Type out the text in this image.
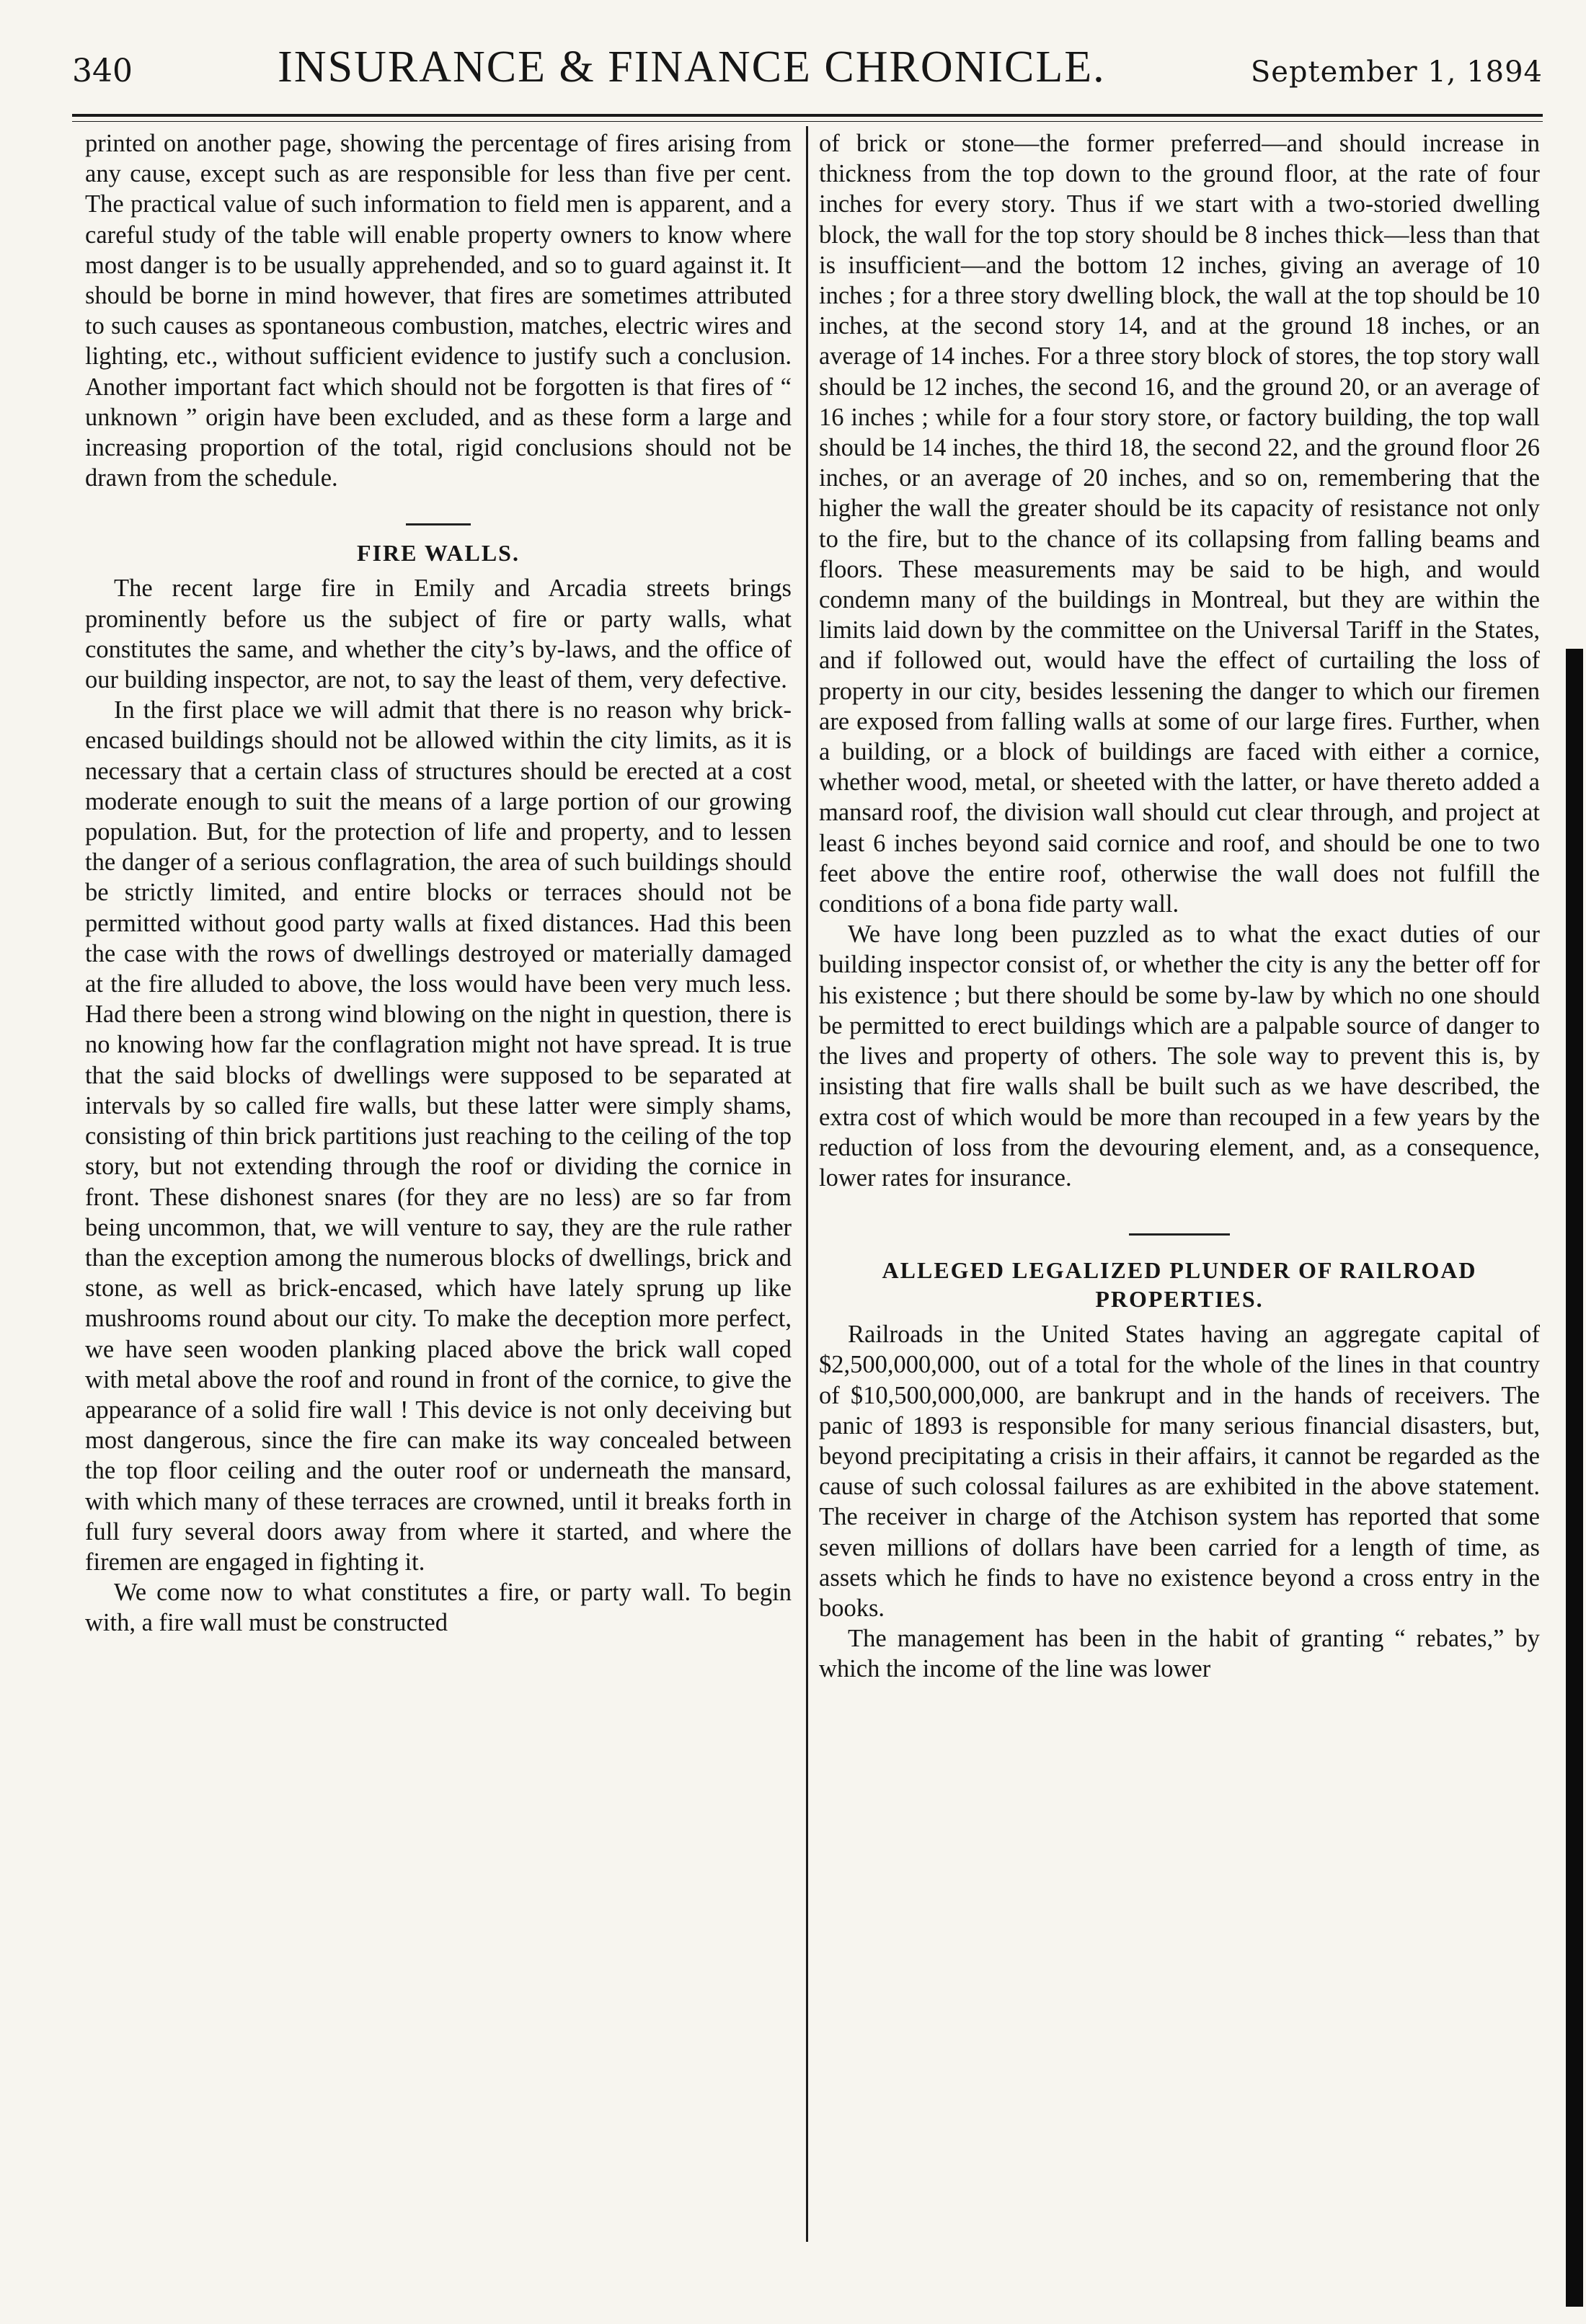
340	INSURANCE & FINANCE CHRONICLE.	September 1, 1894

printed on another page, showing the percentage of fires arising from any cause, except such as are responsible for less than five per cent. The practical value of such information to field men is apparent, and a careful study of the table will enable property owners to know where most danger is to be usually apprehended, and so to guard against it. It should be borne in mind however, that fires are sometimes attributed to such causes as spontaneous combustion, matches, electric wires and lighting, etc., without sufficient evidence to justify such a conclusion. Another important fact which should not be forgotten is that fires of “ unknown ” origin have been excluded, and as these form a large and increasing proportion of the total, rigid conclusions should not be drawn from the schedule.

FIRE WALLS.

The recent large fire in Emily and Arcadia streets brings prominently before us the subject of fire or party walls, what constitutes the same, and whether the city’s by-laws, and the office of our building inspector, are not, to say the least of them, very defective.

In the first place we will admit that there is no reason why brick-encased buildings should not be allowed within the city limits, as it is necessary that a certain class of structures should be erected at a cost moderate enough to suit the means of a large portion of our growing population. But, for the protection of life and property, and to lessen the danger of a serious conflagration, the area of such buildings should be strictly limited, and entire blocks or terraces should not be permitted without good party walls at fixed distances. Had this been the case with the rows of dwellings destroyed or materially damaged at the fire alluded to above, the loss would have been very much less. Had there been a strong wind blowing on the night in question, there is no knowing how far the conflagration might not have spread. It is true that the said blocks of dwellings were supposed to be separated at intervals by so called fire walls, but these latter were simply shams, consisting of thin brick partitions just reaching to the ceiling of the top story, but not extending through the roof or dividing the cornice in front. These dishonest snares (for they are no less) are so far from being uncommon, that, we will venture to say, they are the rule rather than the exception among the numerous blocks of dwellings, brick and stone, as well as brick-encased, which have lately sprung up like mushrooms round about our city. To make the deception more perfect, we have seen wooden planking placed above the brick wall coped with metal above the roof and round in front of the cornice, to give the appearance of a solid fire wall ! This device is not only deceiving but most dangerous, since the fire can make its way concealed between the top floor ceiling and the outer roof or underneath the mansard, with which many of these terraces are crowned, until it breaks forth in full fury several doors away from where it started, and where the firemen are engaged in fighting it.

We come now to what constitutes a fire, or party wall. To begin with, a fire wall must be constructed

of brick or stone—the former preferred—and should increase in thickness from the top down to the ground floor, at the rate of four inches for every story. Thus if we start with a two-storied dwelling block, the wall for the top story should be 8 inches thick—less than that is insufficient—and the bottom 12 inches, giving an average of 10 inches ; for a three story dwelling block, the wall at the top should be 10 inches, at the second story 14, and at the ground 18 inches, or an average of 14 inches. For a three story block of stores, the top story wall should be 12 inches, the second 16, and the ground 20, or an average of 16 inches ; while for a four story store, or factory building, the top wall should be 14 inches, the third 18, the second 22, and the ground floor 26 inches, or an average of 20 inches, and so on, remembering that the higher the wall the greater should be its capacity of resistance not only to the fire, but to the chance of its collapsing from falling beams and floors. These measurements may be said to be high, and would condemn many of the buildings in Montreal, but they are within the limits laid down by the committee on the Universal Tariff in the States, and if followed out, would have the effect of curtailing the loss of property in our city, besides lessening the danger to which our firemen are exposed from falling walls at some of our large fires. Further, when a building, or a block of buildings are faced with either a cornice, whether wood, metal, or sheeted with the latter, or have thereto added a mansard roof, the division wall should cut clear through, and project at least 6 inches beyond said cornice and roof, and should be one to two feet above the entire roof, otherwise the wall does not fulfill the conditions of a bona fide party wall.

We have long been puzzled as to what the exact duties of our building inspector consist of, or whether the city is any the better off for his existence ; but there should be some by-law by which no one should be permitted to erect buildings which are a palpable source of danger to the lives and property of others. The sole way to prevent this is, by insisting that fire walls shall be built such as we have described, the extra cost of which would be more than recouped in a few years by the reduction of loss from the devouring element, and, as a consequence, lower rates for insurance.

ALLEGED LEGALIZED PLUNDER OF RAILROAD PROPERTIES.

Railroads in the United States having an aggregate capital of $2,500,000,000, out of a total for the whole of the lines in that country of $10,500,000,000, are bankrupt and in the hands of receivers. The panic of 1893 is responsible for many serious financial disasters, but, beyond precipitating a crisis in their affairs, it cannot be regarded as the cause of such colossal failures as are exhibited in the above statement. The receiver in charge of the Atchison system has reported that some seven millions of dollars have been carried for a length of time, as assets which he finds to have no existence beyond a cross entry in the books.

The management has been in the habit of granting “ rebates,” by which the income of the line was lower
